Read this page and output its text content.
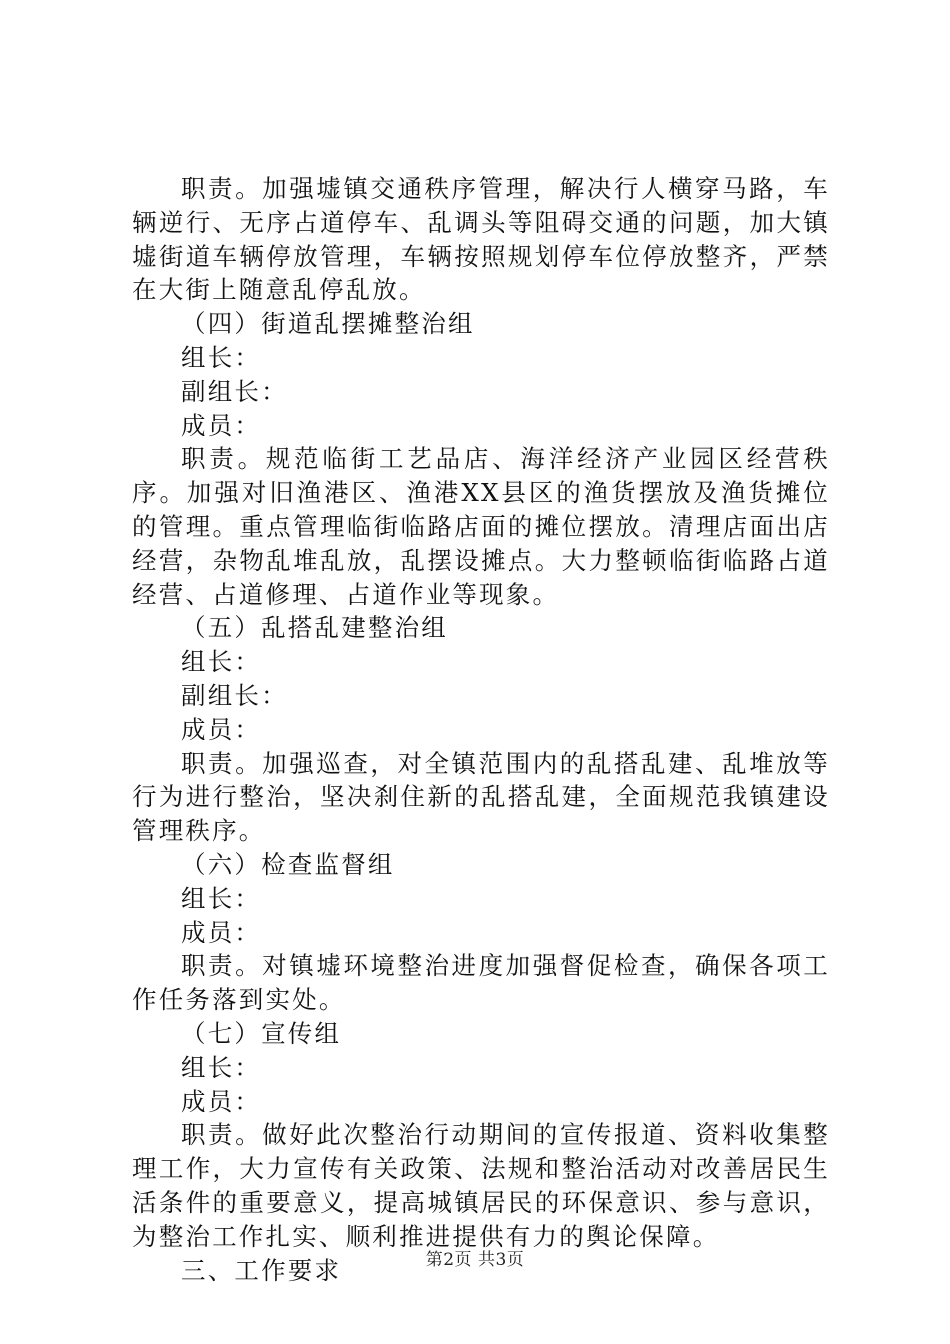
职责。加强墟镇交通秩序管理，解决行人横穿马路，车辆逆行、无序占道停车、乱调头等阻碍交通的问题，加大镇墟街道车辆停放管理，车辆按照规划停车位停放整齐，严禁在大街上随意乱停乱放。

（四）街道乱摆摊整治组

组长：

副组长：

成员：

职责。规范临街工艺品店、海洋经济产业园区经营秩序。加强对旧渔港区、渔港XX县区的渔货摆放及渔货摊位的管理。重点管理临街临路店面的摊位摆放。清理店面出店经营，杂物乱堆乱放，乱摆设摊点。大力整顿临街临路占道经营、占道修理、占道作业等现象。

（五）乱搭乱建整治组

组长：

副组长：

成员：

职责。加强巡查，对全镇范围内的乱搭乱建、乱堆放等行为进行整治，坚决刹住新的乱搭乱建，全面规范我镇建设管理秩序。

（六）检查监督组

组长：

成员：

职责。对镇墟环境整治进度加强督促检查，确保各项工作任务落到实处。

（七）宣传组

组长：

成员：

职责。做好此次整治行动期间的宣传报道、资料收集整理工作，大力宣传有关政策、法规和整治活动对改善居民生活条件的重要意义，提高城镇居民的环保意识、参与意识，为整治工作扎实、顺利推进提供有力的舆论保障。

三、工作要求	第2页 共3页
